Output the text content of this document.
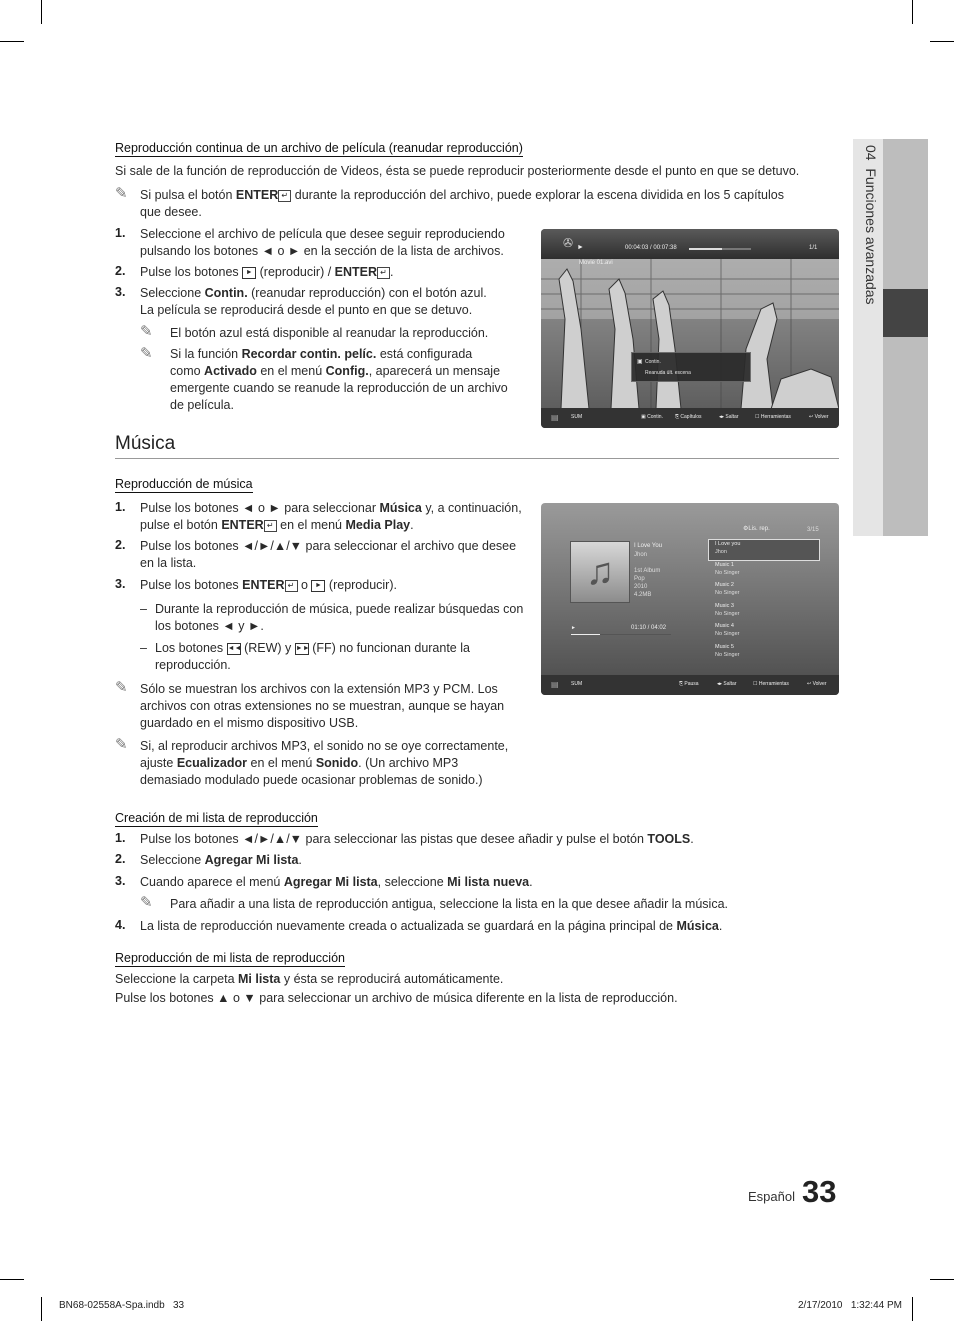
04  Funciones avanzadas
Reproducción continua de un archivo de película (reanudar reproducción)
Si sale de la función de reproducción de Videos, ésta se puede reproducir posteriormente desde el punto en que se detuvo.
✎ Si pulsa el botón ENTER ↵ durante la reproducción del archivo, puede explorar la escena dividida en los 5 capítulos
que desee.
1. Seleccione el archivo de película que desee seguir reproduciendo
pulsando los botones ◄ o ► en la sección de la lista de archivos.
2. Pulse los botones ► (reproducir) / ENTER ↵ .
3. Seleccione Contin. (reanudar reproducción) con el botón azul.
La película se reproducirá desde el punto en que se detuvo.
✎ El botón azul está disponible al reanudar la reproducción.
✎ Si la función Recordar contin. pelíc. está configurada
como Activado en el menú Config., aparecerá un mensaje
emergente cuando se reanude la reproducción de un archivo
de película.
✇ ►	00:04:03 / 00:07:38	1/1
Movie 01.avi
▣ Contin.
Reanuda últ. escena
▤ SUM	▣ Contin. ⎘ Capítulos	◂▸ Saltar	☐ Herramientas	↩ Volver
Música
Reproducción de música
1. Pulse los botones ◄ o ► para seleccionar Música y, a continuación,
pulse el botón ENTER ↵ en el menú Media Play.
2. Pulse los botones ◄/►/▲/▼ para seleccionar el archivo que desee
en la lista.
3. Pulse los botones ENTER ↵ o ► (reproducir).
– Durante la reproducción de música, puede realizar búsquedas con
los botones ◄ y ►.
– Los botones ◄◄ (REW) y ►► (FF) no funcionan durante la
reproducción.
✎ Sólo se muestran los archivos con la extensión MP3 y PCM. Los
archivos con otras extensiones no se muestran, aunque se hayan
guardado en el mismo dispositivo USB.
✎ Si, al reproducir archivos MP3, el sonido no se oye correctamente,
ajuste Ecualizador en el menú Sonido. (Un archivo MP3
demasiado modulado puede ocasionar problemas de sonido.)
♫
I Love You
Jhon
1st Album
Pop
2010
4.2MB
►	01:10 / 04:02
⚙Lis. rep.	3/15
I Love you
Jhon
Music 1
No Singer
Music 2
No Singer
Music 3
No Singer
Music 4
No Singer
Music 5
No Singer
▤ SUM	⎘ Pausa	◂▸ Saltar	☐ Herramientas	↩ Volver
Creación de mi lista de reproducción
1. Pulse los botones ◄/►/▲/▼ para seleccionar las pistas que desee añadir y pulse el botón TOOLS.
2. Seleccione Agregar Mi lista.
3. Cuando aparece el menú Agregar Mi lista, seleccione Mi lista nueva.
✎ Para añadir a una lista de reproducción antigua, seleccione la lista en la que desee añadir la música.
4. La lista de reproducción nuevamente creada o actualizada se guardará en la página principal de Música.
Reproducción de mi lista de reproducción
Seleccione la carpeta Mi lista y ésta se reproducirá automáticamente.
Pulse los botones ▲ o ▼ para seleccionar un archivo de música diferente en la lista de reproducción.
Español 33
BN68-02558A-Spa.indb   33	2/17/2010   1:32:44 PM
